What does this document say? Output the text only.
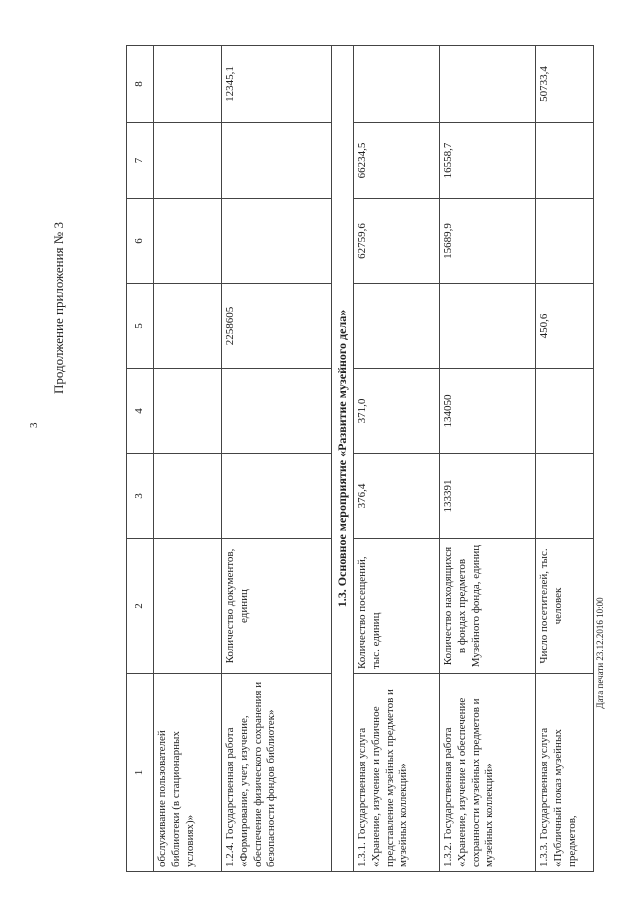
3
Продолжение приложения № 3
1	2	3	4	5	6	7	8
обслуживание пользователей библиотеки (в стационарных условиях)»							
1.2.4. Государственная работа «Формирование, учет, изучение, обеспечение физического сохранения и безопасности фондов библиотек»	Количество документов, единиц			2258605			12345,1
1.3. Основное мероприятие «Развитие музейного дела»							
1.3.1. Государственная услуга «Хранение, изучение и публичное представление музейных предметов и музейных коллекций»	Количество посещений, тыс. единиц	376,4	371,0		62759,6	66234,5	
1.3.2. Государственная работа «Хранение, изучение и обеспечение сохранности музейных предметов и музейных коллекций»	Количество находящихся в фондах предметов Музейного фонда, единиц	133391	134050		15689,9	16558,7	
1.3.3. Государственная услуга «Публичный показ музейных предметов,	Число посетителей, тыс. человек			450,6			50733,4
Дата печати 23.12.2016 10:00
